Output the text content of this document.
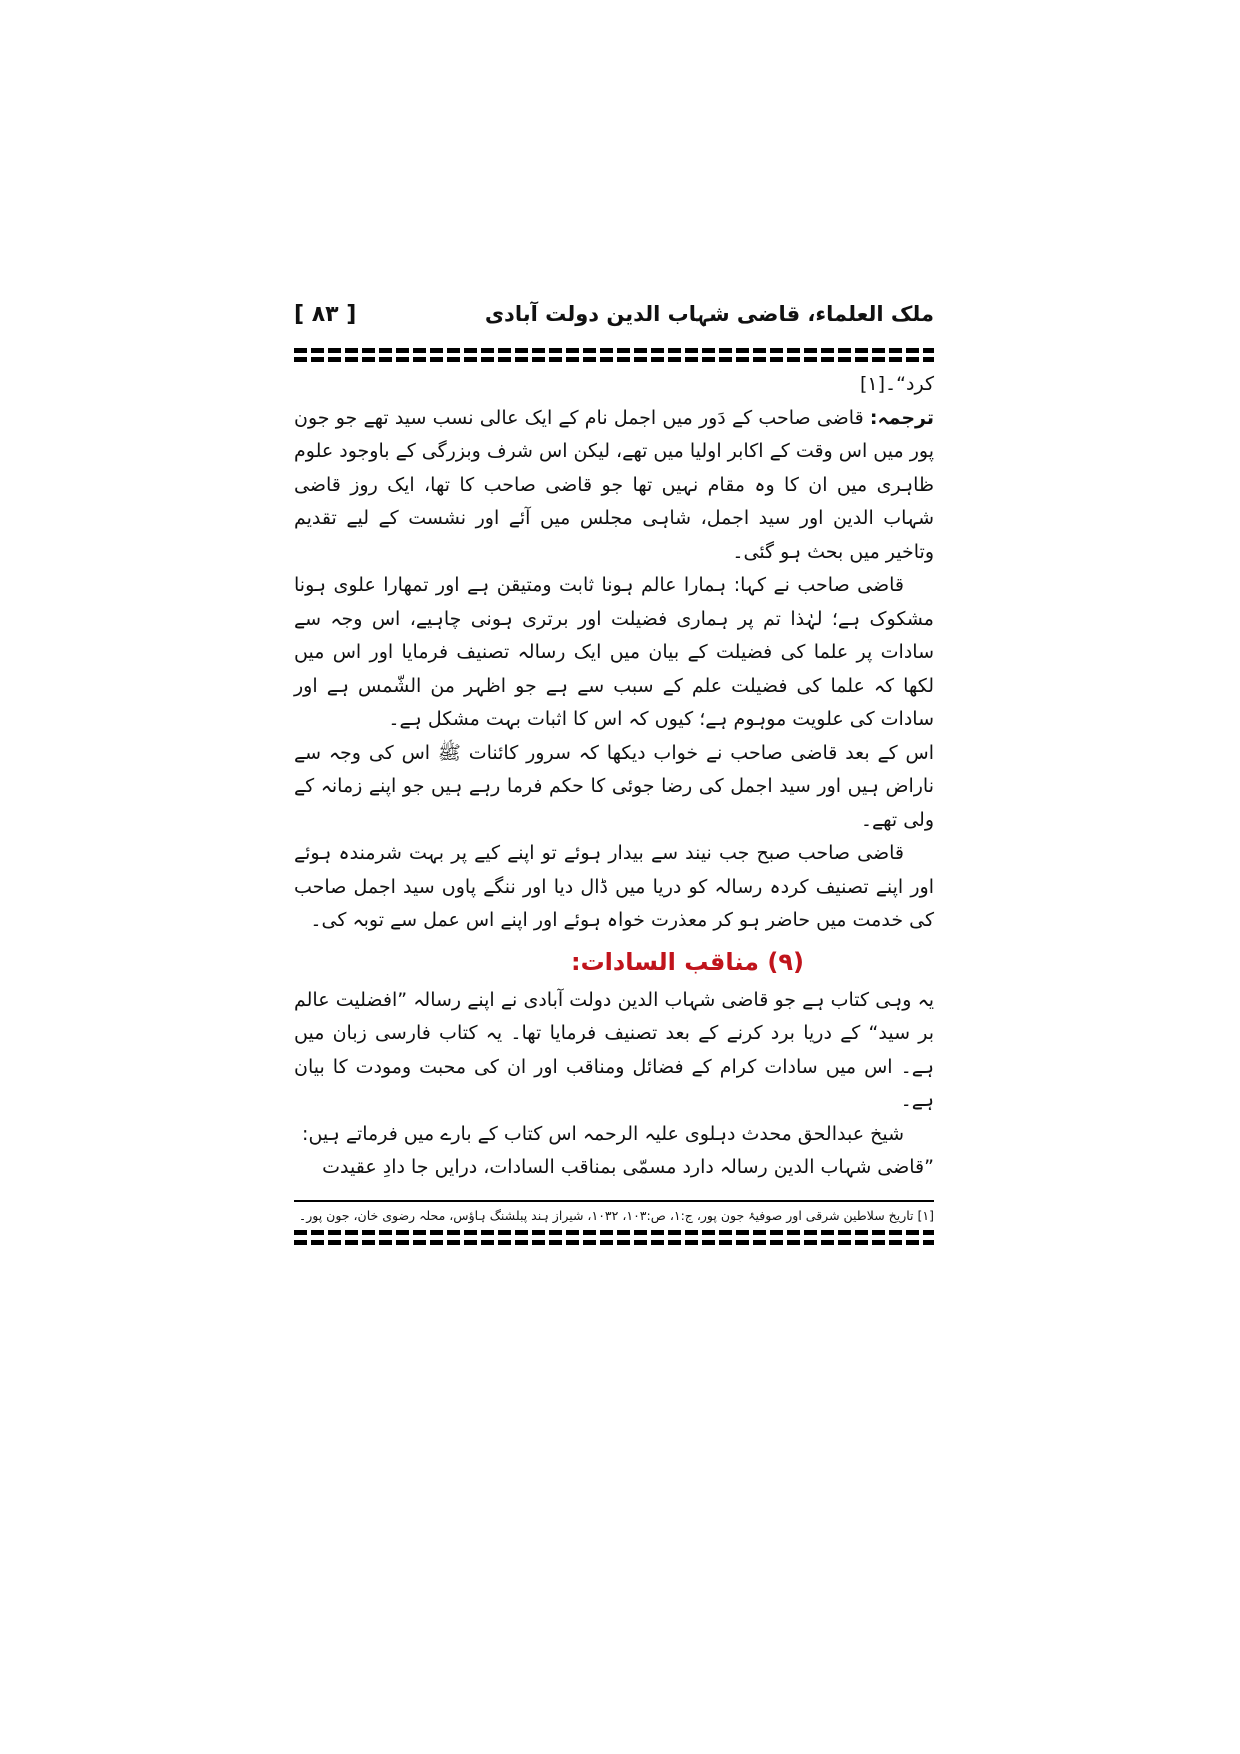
ملک العلماء، قاضی شہاب الدین دولت آبادی
[ ۸۳ ]

کرد“۔[۱]

ترجمہ: قاضی صاحب کے دَور میں اجمل نام کے ایک عالی نسب سید تھے جو جون پور میں اس وقت کے اکابر اولیا میں تھے، لیکن اس شرف وبزرگی کے باوجود علوم ظاہری میں ان کا وہ مقام نہیں تھا جو قاضی صاحب کا تھا، ایک روز قاضی شہاب الدین اور سید اجمل، شاہی مجلس میں آئے اور نشست کے لیے تقدیم وتاخیر میں بحث ہو گئی۔

قاضی صاحب نے کہا: ہمارا عالم ہونا ثابت ومتیقن ہے اور تمھارا علوی ہونا مشکوک ہے؛ لہٰذا تم پر ہماری فضیلت اور برتری ہونی چاہیے، اس وجہ سے سادات پر علما کی فضیلت کے بیان میں ایک رسالہ تصنیف فرمایا اور اس میں لکھا کہ علما کی فضیلت علم کے سبب سے ہے جو اظہر من الشّمس ہے اور سادات کی علویت موہوم ہے؛ کیوں کہ اس کا اثبات بہت مشکل ہے۔

اس کے بعد قاضی صاحب نے خواب دیکھا کہ سرور کائنات ﷺ اس کی وجہ سے ناراض ہیں اور سید اجمل کی رضا جوئی کا حکم فرما رہے ہیں جو اپنے زمانہ کے ولی تھے۔

قاضی صاحب صبح جب نیند سے بیدار ہوئے تو اپنے کیے پر بہت شرمندہ ہوئے اور اپنے تصنیف کردہ رسالہ کو دریا میں ڈال دیا اور ننگے پاوں سید اجمل صاحب کی خدمت میں حاضر ہو کر معذرت خواہ ہوئے اور اپنے اس عمل سے توبہ کی۔

(۹) مناقب السادات:

یہ وہی کتاب ہے جو قاضی شہاب الدین دولت آبادی نے اپنے رسالہ ”افضلیت عالم بر سید“ کے دریا برد کرنے کے بعد تصنیف فرمایا تھا۔ یہ کتاب فارسی زبان میں ہے۔ اس میں سادات کرام کے فضائل ومناقب اور ان کی محبت ومودت کا بیان ہے۔

شیخ عبدالحق محدث دہلوی علیہ الرحمہ اس کتاب کے بارے میں فرماتے ہیں:

”قاضی شہاب الدین رسالہ دارد مسمّی بمناقب السادات، درایں جا دادِ عقیدت

[۱] تاریخ سلاطین شرقی اور صوفیۂ جون پور، ج:۱، ص:۱۰۳، ۱۰۳۲، شیراز ہند پبلشنگ ہاؤس، محلہ رضوی خان، جون پور۔
